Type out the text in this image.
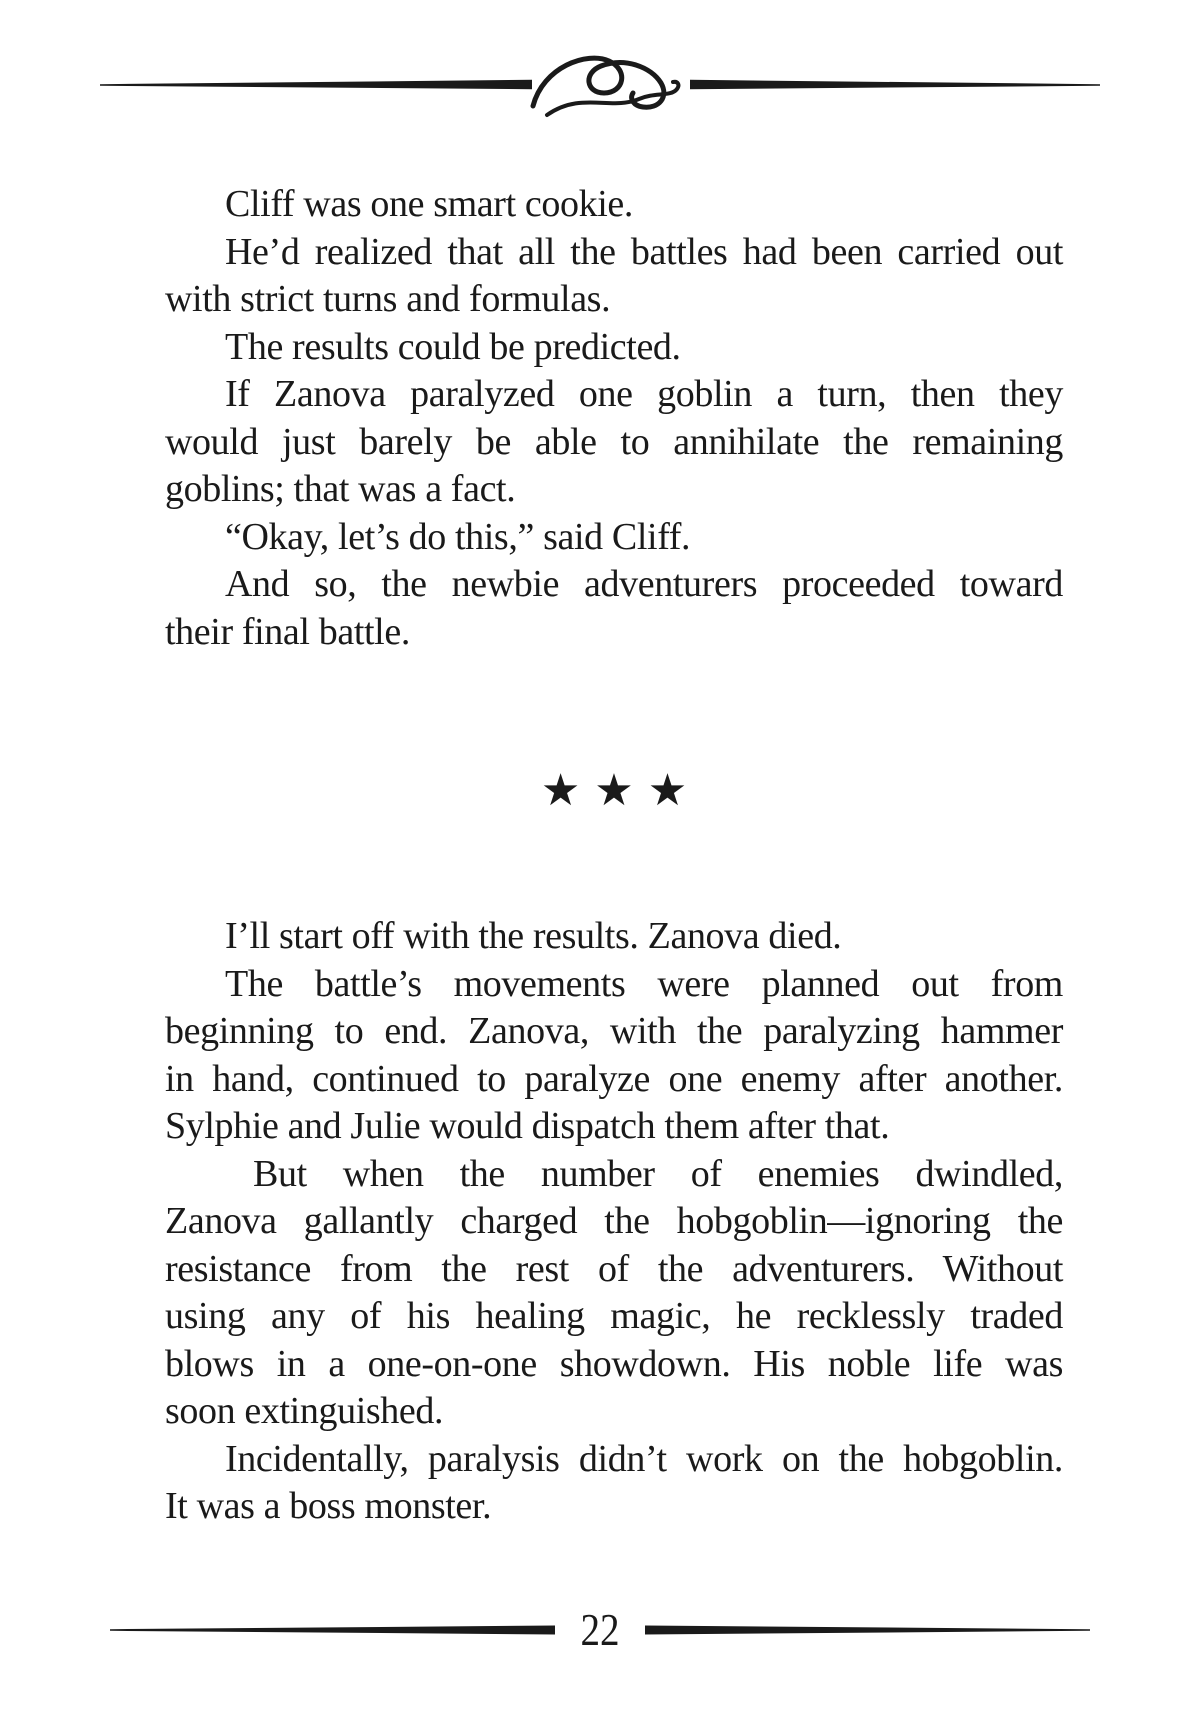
Cliff was one smart cookie.
He’d realized that all the battles had been carried out
with strict turns and formulas.
The results could be predicted.
If Zanova paralyzed one goblin a turn, then they
would just barely be able to annihilate the remaining
goblins; that was a fact.
“Okay, let’s do this,” said Cliff.
And so, the newbie adventurers proceeded toward
their final battle.
★ ★ ★
I’ll start off with the results. Zanova died.
The battle’s movements were planned out from
beginning to end. Zanova, with the paralyzing hammer
in hand, continued to paralyze one enemy after another.
Sylphie and Julie would dispatch them after that.
But when the number of enemies dwindled,
Zanova gallantly charged the hobgoblin—ignoring the
resistance from the rest of the adventurers. Without
using any of his healing magic, he recklessly traded
blows in a one-on-one showdown. His noble life was
soon extinguished.
Incidentally, paralysis didn’t work on the hobgoblin.
It was a boss monster.
22
